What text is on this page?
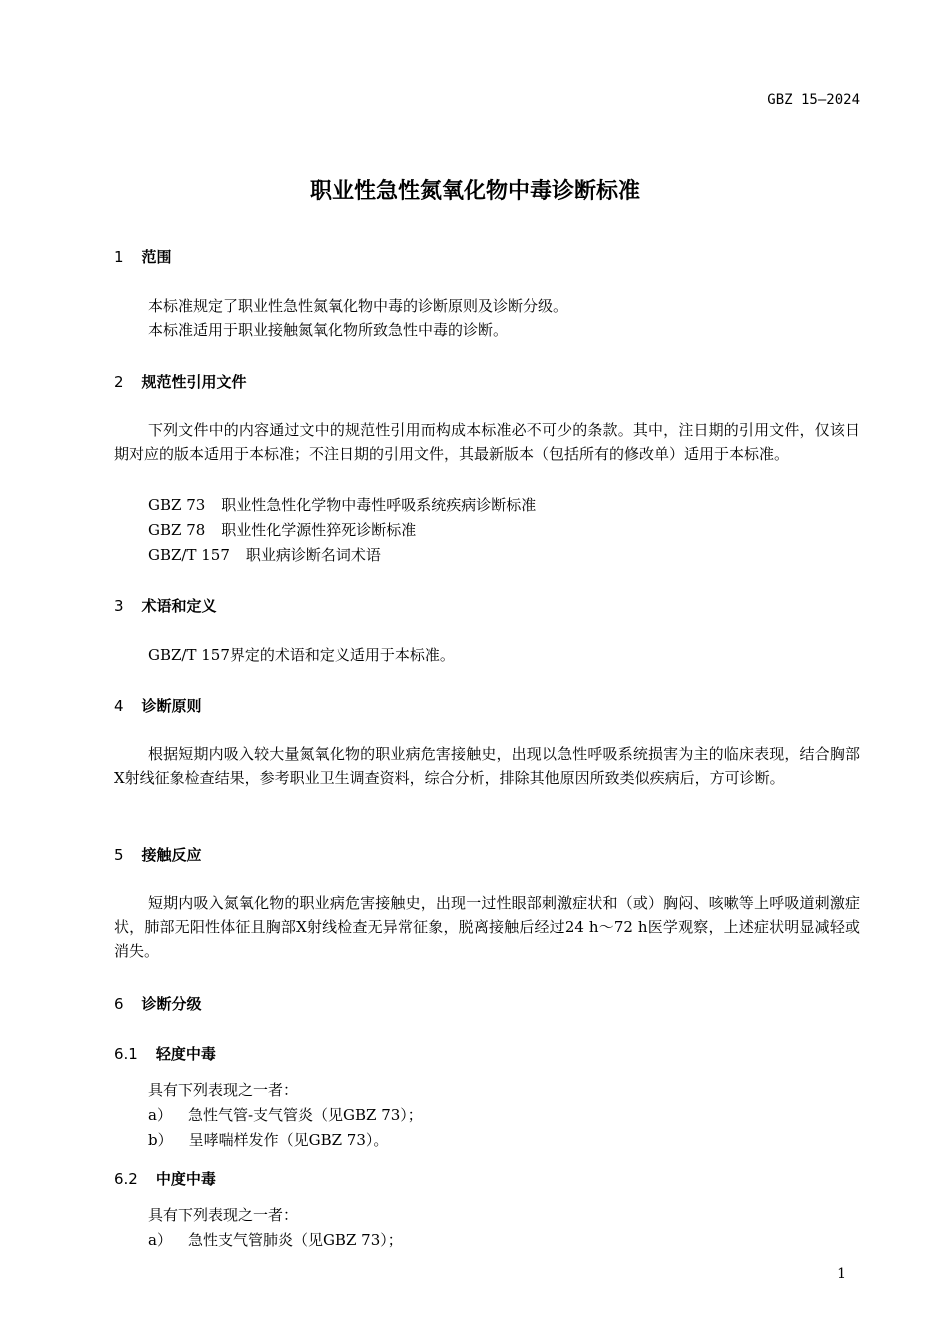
GBZ 15—2024
职业性急性氮氧化物中毒诊断标准
1 范围
本标准规定了职业性急性氮氧化物中毒的诊断原则及诊断分级。
本标准适用于职业接触氮氧化物所致急性中毒的诊断。
2 规范性引用文件
下列文件中的内容通过文中的规范性引用而构成本标准必不可少的条款。其中，注日期的引用文件，仅该日期对应的版本适用于本标准；不注日期的引用文件，其最新版本（包括所有的修改单）适用于本标准。
GBZ 73 职业性急性化学物中毒性呼吸系统疾病诊断标准
GBZ 78 职业性化学源性猝死诊断标准
GBZ/T 157 职业病诊断名词术语
3 术语和定义
GBZ/T 157界定的术语和定义适用于本标准。
4 诊断原则
根据短期内吸入较大量氮氧化物的职业病危害接触史，出现以急性呼吸系统损害为主的临床表现，结合胸部X射线征象检查结果，参考职业卫生调查资料，综合分析，排除其他原因所致类似疾病后，方可诊断。
5 接触反应
短期内吸入氮氧化物的职业病危害接触史，出现一过性眼部刺激症状和（或）胸闷、咳嗽等上呼吸道刺激症状，肺部无阳性体征且胸部X射线检查无异常征象，脱离接触后经过24 h～72 h医学观察，上述症状明显减轻或消失。
6 诊断分级
6.1 轻度中毒
具有下列表现之一者：
a） 急性气管-支气管炎（见GBZ 73）；
b） 呈哮喘样发作（见GBZ 73）。
6.2 中度中毒
具有下列表现之一者：
a） 急性支气管肺炎（见GBZ 73）；
1
